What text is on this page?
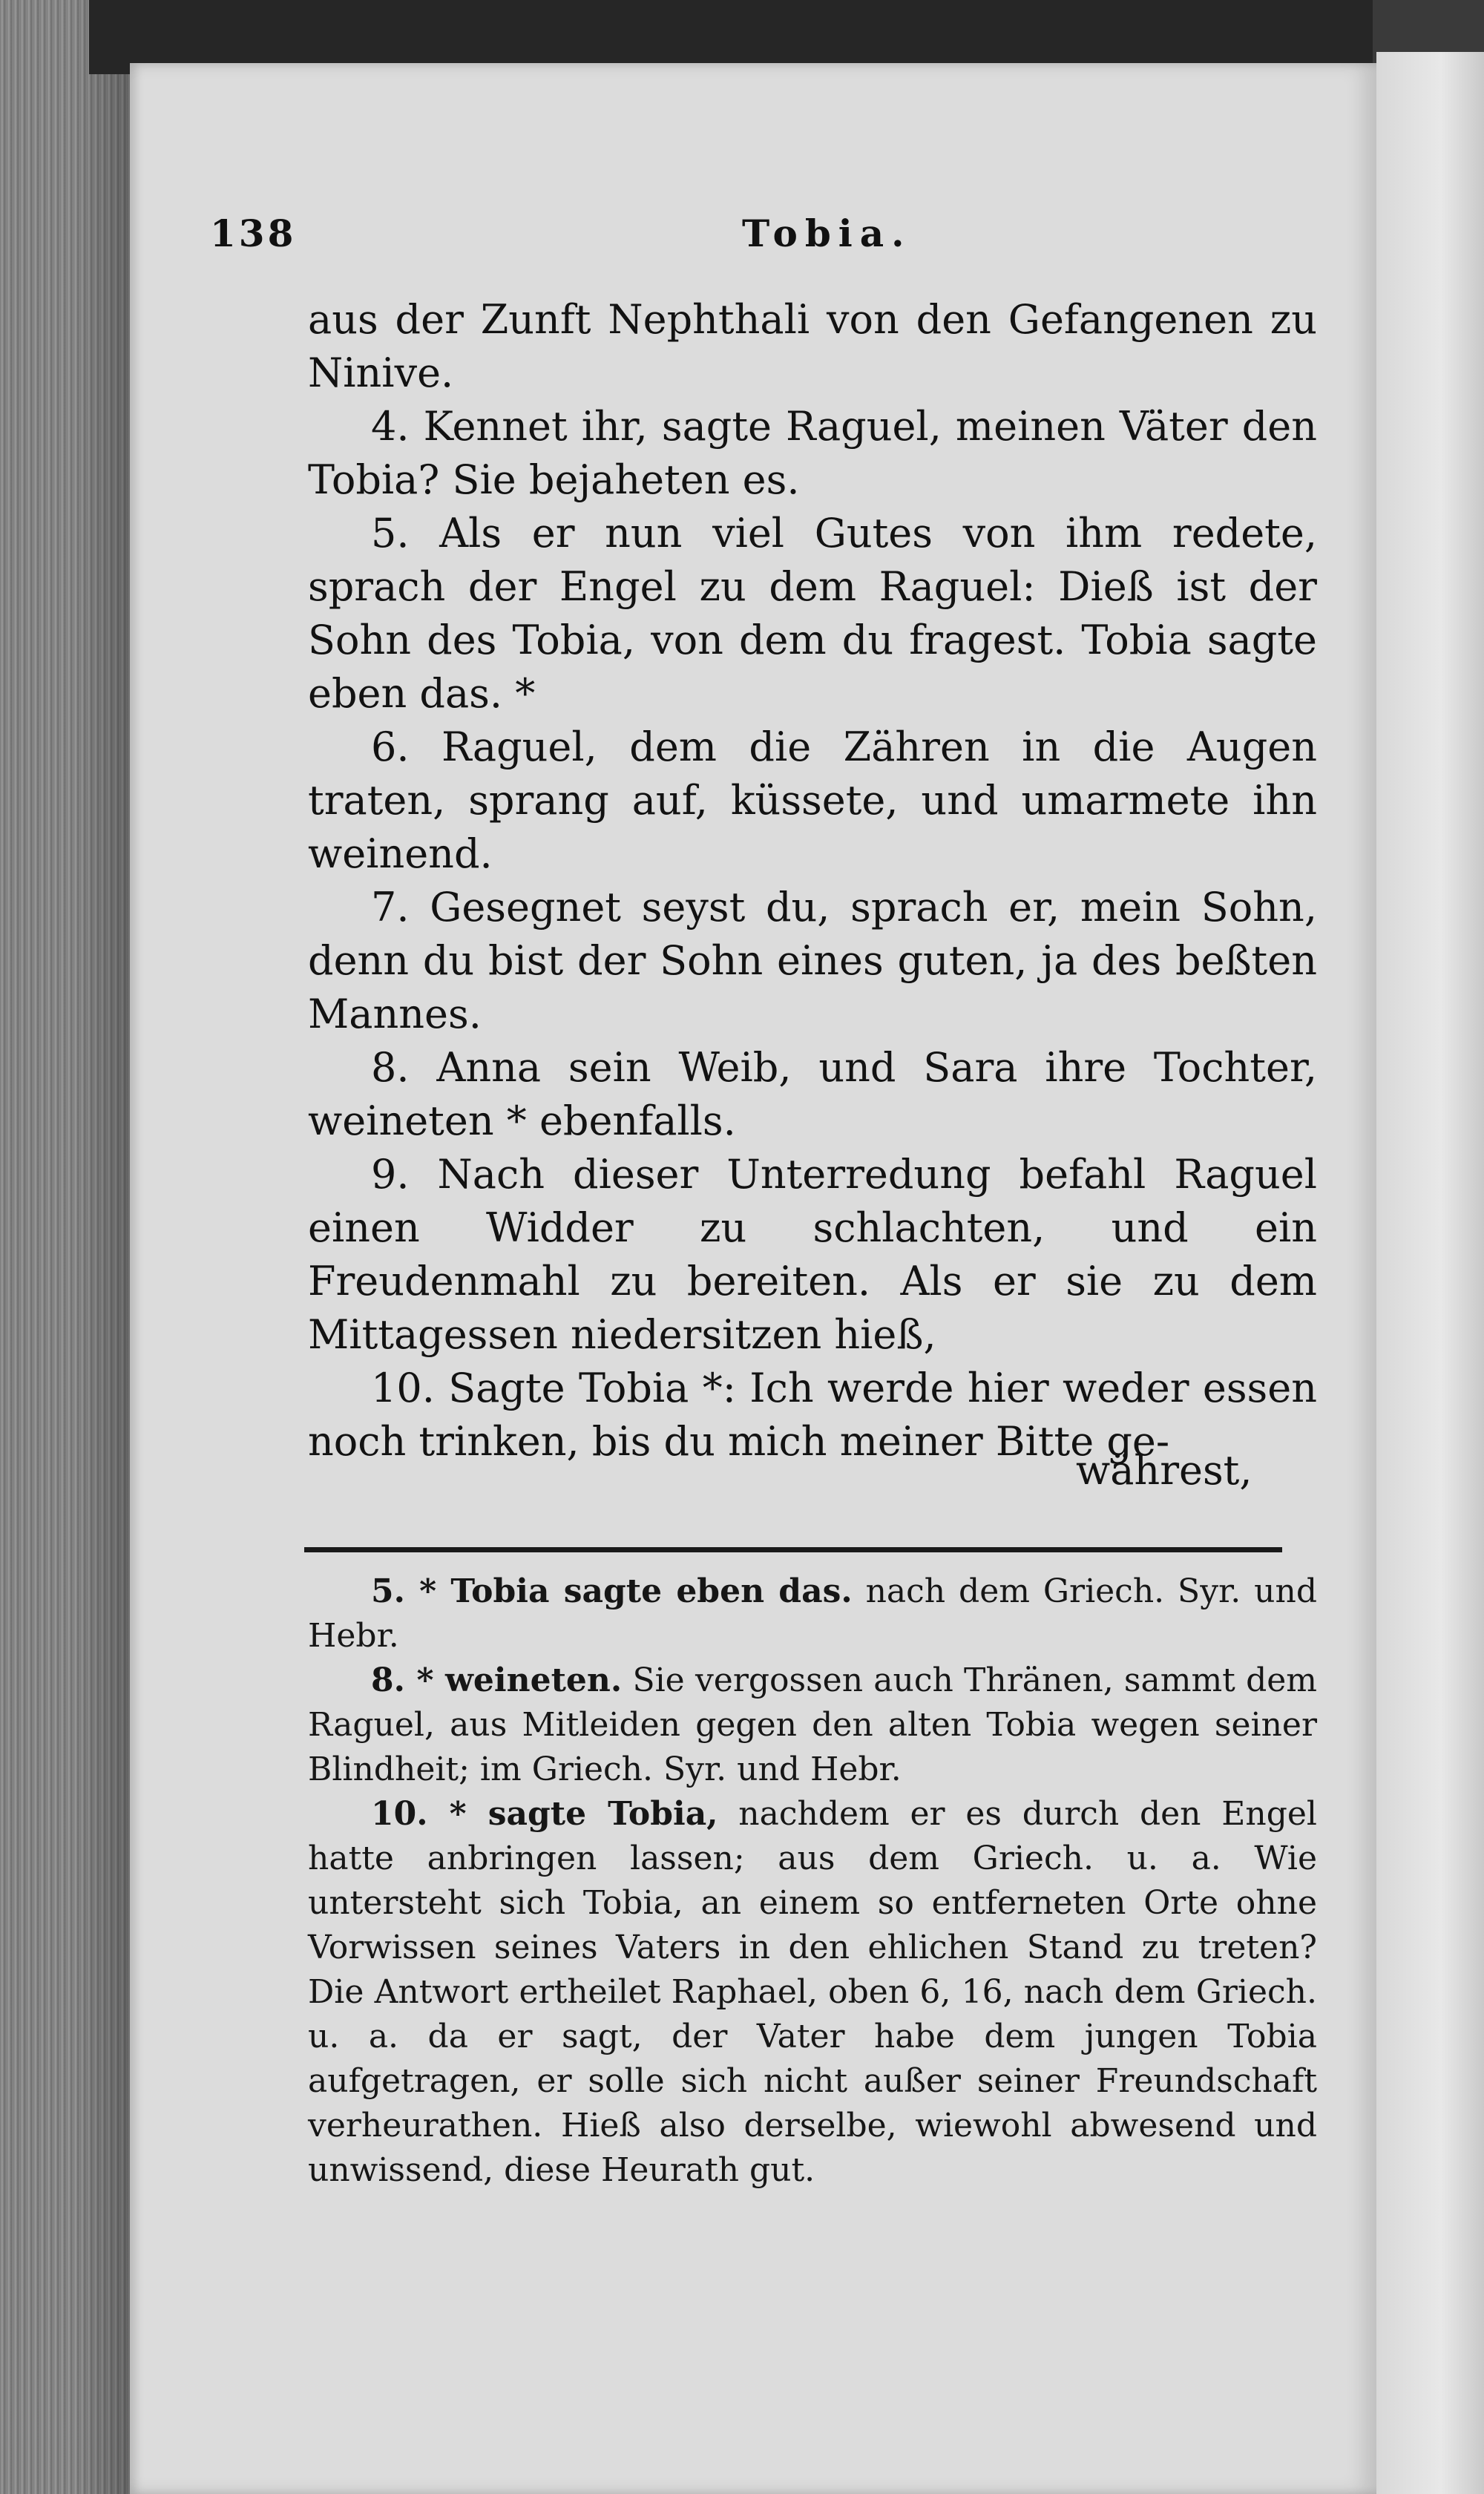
138	Tobia.

aus der Zunft Nephthali von den Gefangenen zu Ninive.

4. Kennet ihr, sagte Raguel, meinen Väter den Tobia? Sie bejaheten es.

5. Als er nun viel Gutes von ihm redete, sprach der Engel zu dem Raguel: Dieß ist der Sohn des Tobia, von dem du fragest. Tobia sagte eben das. *

6. Raguel, dem die Zähren in die Augen traten, sprang auf, küssete, und umarmete ihn weinend.

7. Gesegnet seyst du, sprach er, mein Sohn, denn du bist der Sohn eines guten, ja des beßten Mannes.

8. Anna sein Weib, und Sara ihre Tochter, weineten * ebenfalls.

9. Nach dieser Unterredung befahl Raguel einen Widder zu schlachten, und ein Freudenmahl zu bereiten. Als er sie zu dem Mittagessen niedersitzen hieß,

10. Sagte Tobia *: Ich werde hier weder essen noch trinken, bis du mich meiner Bitte ge-

währest,

5. * Tobia sagte eben das. nach dem Griech. Syr. und Hebr.

8. * weineten. Sie vergossen auch Thränen, sammt dem Raguel, aus Mitleiden gegen den alten Tobia wegen seiner Blindheit; im Griech. Syr. und Hebr.

10. * sagte Tobia, nachdem er es durch den Engel hatte anbringen lassen; aus dem Griech. u. a. Wie untersteht sich Tobia, an einem so entferneten Orte ohne Vorwissen seines Vaters in den ehlichen Stand zu treten? Die Antwort ertheilet Raphael, oben 6, 16, nach dem Griech. u. a. da er sagt, der Vater habe dem jungen Tobia aufgetragen, er solle sich nicht außer seiner Freundschaft verheurathen. Hieß also derselbe, wiewohl abwesend und unwissend, diese Heurath gut.
